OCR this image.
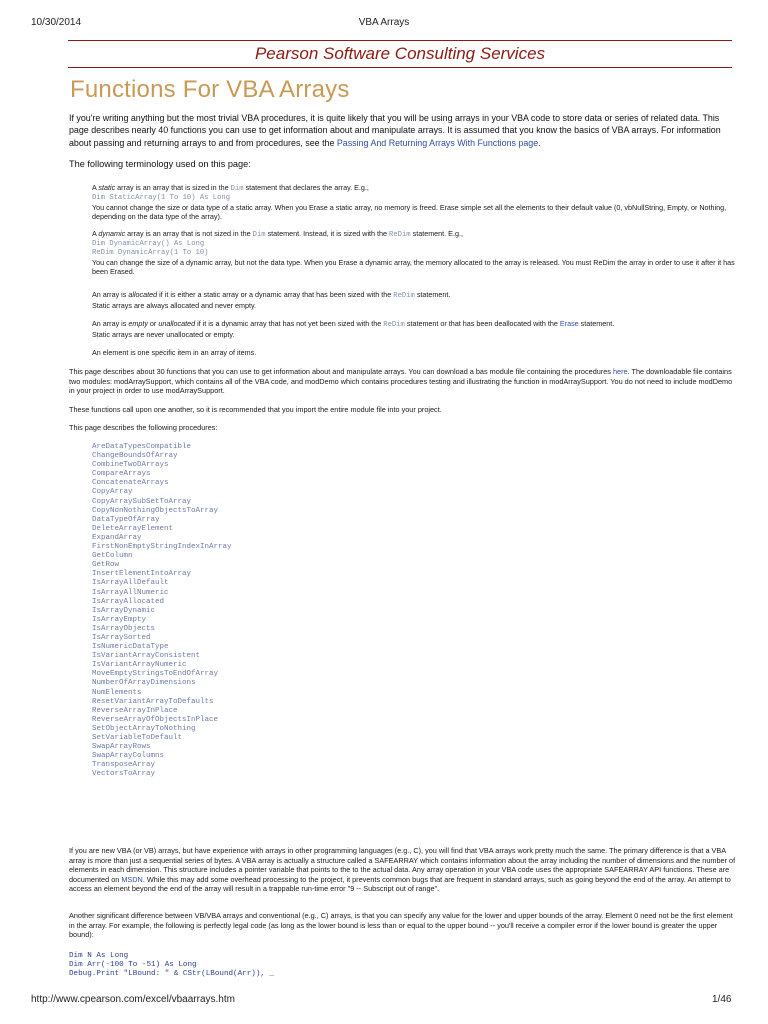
10/30/2014	VBA Arrays
Pearson Software Consulting Services
Functions For VBA Arrays
If you're writing anything but the most trivial VBA procedures, it is quite likely that you will be using arrays in your VBA code to store data or series of related data. This page describes nearly 40 functions you can use to get information about and manipulate arrays. It is assumed that you know the basics of VBA arrays. For information about passing and returning arrays to and from procedures, see the Passing And Returning Arrays With Functions page.
The following terminology used on this page:
A static array is an array that is sized in the Dim statement that declares the array. E.g.,
Dim StaticArray(1 To 10) As Long
You cannot change the size or data type of a static array. When you Erase a static array, no memory is freed. Erase simple set all the elements to their default value (0, vbNullString, Empty, or Nothing, depending on the data type of the array).
A dynamic array is an array that is not sized in the Dim statement. Instead, it is sized with the ReDim statement. E.g.,
Dim DynamicArray() As Long
ReDim DynamicArray(1 To 10)
You can change the size of a dynamic array, but not the data type. When you Erase a dynamic array, the memory allocated to the array is released. You must ReDim the array in order to use it after it has been Erased.
An array is allocated if it is either a static array or a dynamic array that has been sized with the ReDim statement.
Static arrays are always allocated and never empty.
An array is empty or unallocated if it is a dynamic array that has not yet been sized with the ReDim statement or that has been deallocated with the Erase statement.
Static arrays are never unallocated or empty.
An element is one specific item in an array of items.
This page describes about 30 functions that you can use to get information about and manipulate arrays. You can download a bas module file containing the procedures here. The downloadable file contains two modules: modArraySupport, which contains all of the VBA code, and modDemo which contains procedures testing and illustrating the function in modArraySupport. You do not need to include modDemo in your project in order to use modArraySupport.
These functions call upon one another, so it is recommended that you import the entire module file into your project.
This page describes the following procedures:
AreDataTypesCompatible
ChangeBoundsOfArray
CombineTwoDArrays
CompareArrays
ConcatenateArrays
CopyArray
CopyArraySubSetToArray
CopyNonNothingObjectsToArray
DataTypeOfArray
DeleteArrayElement
ExpandArray
FirstNonEmptyStringIndexInArray
GetColumn
GetRow
InsertElementIntoArray
IsArrayAllDefault
IsArrayAllNumeric
IsArrayAllocated
IsArrayDynamic
IsArrayEmpty
IsArrayObjects
IsArraySorted
IsNumericDataType
IsVariantArrayConsistent
IsVariantArrayNumeric
MoveEmptyStringsToEndOfArray
NumberOfArrayDimensions
NumElements
ResetVariantArrayToDefaults
ReverseArrayInPlace
ReverseArrayOfObjectsInPlace
SetObjectArrayToNothing
SetVariableToDefault
SwapArrayRows
SwapArrayColumns
TransposeArray
VectorsToArray
If you are new VBA (or VB) arrays, but have experience with arrays in other programming languages (e.g., C), you will find that VBA arrays work pretty much the same. The primary difference is that a VBA array is more than just a sequential series of bytes. A VBA array is actually a structure called a SAFEARRAY which contains information about the array including the number of dimensions and the number of elements in each dimension. This structure includes a pointer variable that points to the to the actual data. Any array operation in your VBA code uses the appropriate SAFEARRAY API functions. These are documented on MSDN. While this may add some overhead processing to the project, it prevents common bugs that are frequent in standard arrays, such as going beyond the end of the array. An attempt to access an element beyond the end of the array will result in a trappable run-time error "9 -- Subscript out of range".
Another significant difference between VB/VBA arrays and conventional (e.g., C) arrays, is that you can specify any value for the lower and upper bounds of the array. Element 0 need not be the first element in the array. For example, the following is perfectly legal code (as long as the lower bound is less than or equal to the upper bound -- you'll receive a compiler error if the lower bound is greater the upper bound):
Dim N As Long
Dim Arr(-100 To -51) As Long
Debug.Print "LBound: " & CStr(LBound(Arr)), _
http://www.cpearson.com/excel/vbaarrays.htm	1/46
